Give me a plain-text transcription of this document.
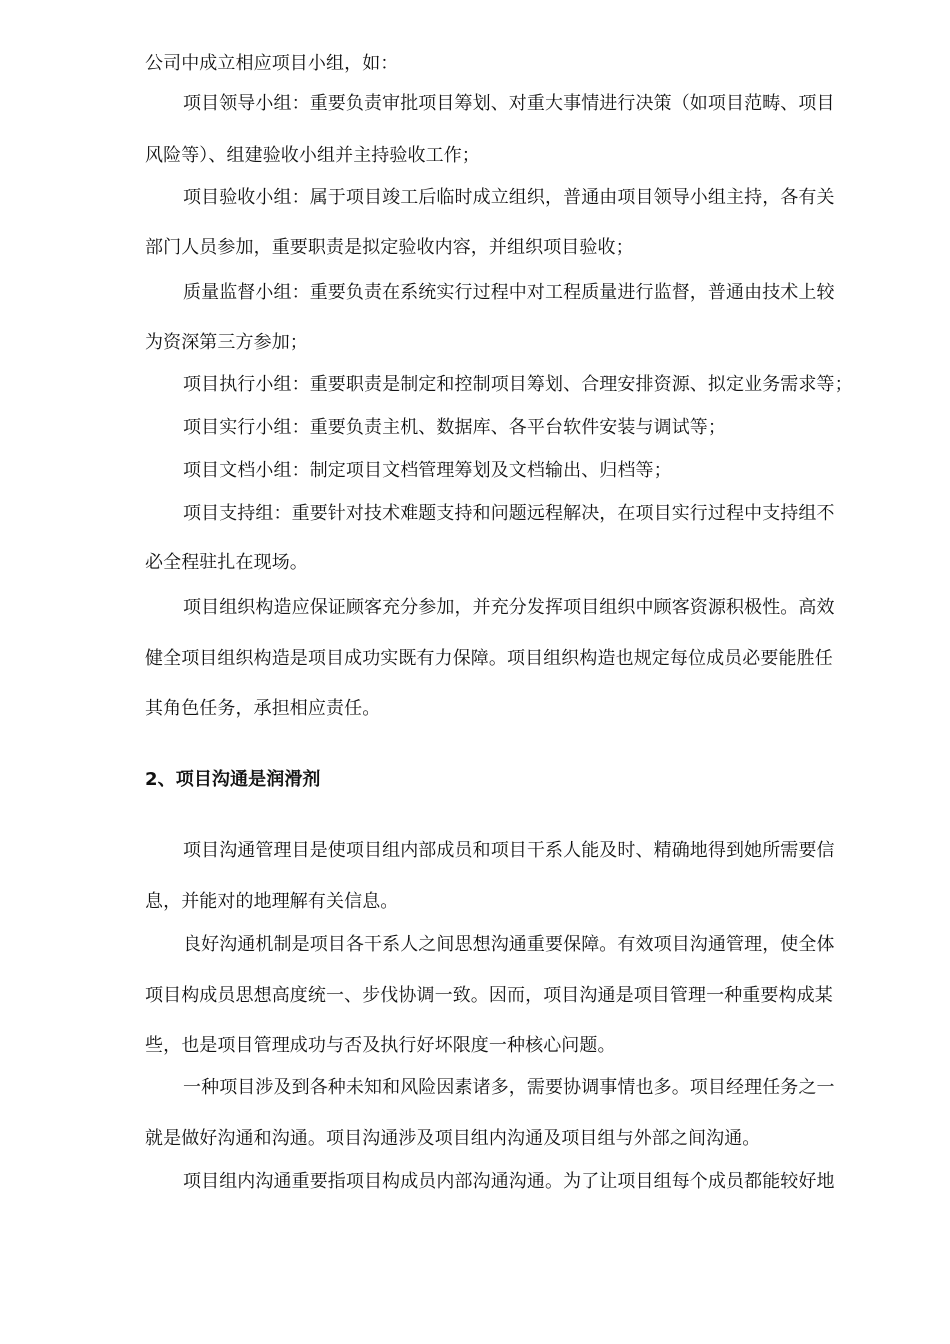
公司中成立相应项目小组，如：
项目领导小组：重要负责审批项目筹划、对重大事情进行决策（如项目范畴、项目
风险等）、组建验收小组并主持验收工作；
项目验收小组：属于项目竣工后临时成立组织，普通由项目领导小组主持，各有关
部门人员参加，重要职责是拟定验收内容，并组织项目验收；
质量监督小组：重要负责在系统实行过程中对工程质量进行监督，普通由技术上较
为资深第三方参加；
项目执行小组：重要职责是制定和控制项目筹划、合理安排资源、拟定业务需求等；
项目实行小组：重要负责主机、数据库、各平台软件安装与调试等；
项目文档小组：制定项目文档管理筹划及文档输出、归档等；
项目支持组：重要针对技术难题支持和问题远程解决，在项目实行过程中支持组不
必全程驻扎在现场。
项目组织构造应保证顾客充分参加，并充分发挥项目组织中顾客资源积极性。高效
健全项目组织构造是项目成功实既有力保障。项目组织构造也规定每位成员必要能胜任
其角色任务，承担相应责任。
2、项目沟通是润滑剂
项目沟通管理目是使项目组内部成员和项目干系人能及时、精确地得到她所需要信
息，并能对的地理解有关信息。
良好沟通机制是项目各干系人之间思想沟通重要保障。有效项目沟通管理，使全体
项目构成员思想高度统一、步伐协调一致。因而，项目沟通是项目管理一种重要构成某
些，也是项目管理成功与否及执行好坏限度一种核心问题。
一种项目涉及到各种未知和风险因素诸多，需要协调事情也多。项目经理任务之一
就是做好沟通和沟通。项目沟通涉及项目组内沟通及项目组与外部之间沟通。
项目组内沟通重要指项目构成员内部沟通沟通。为了让项目组每个成员都能较好地
